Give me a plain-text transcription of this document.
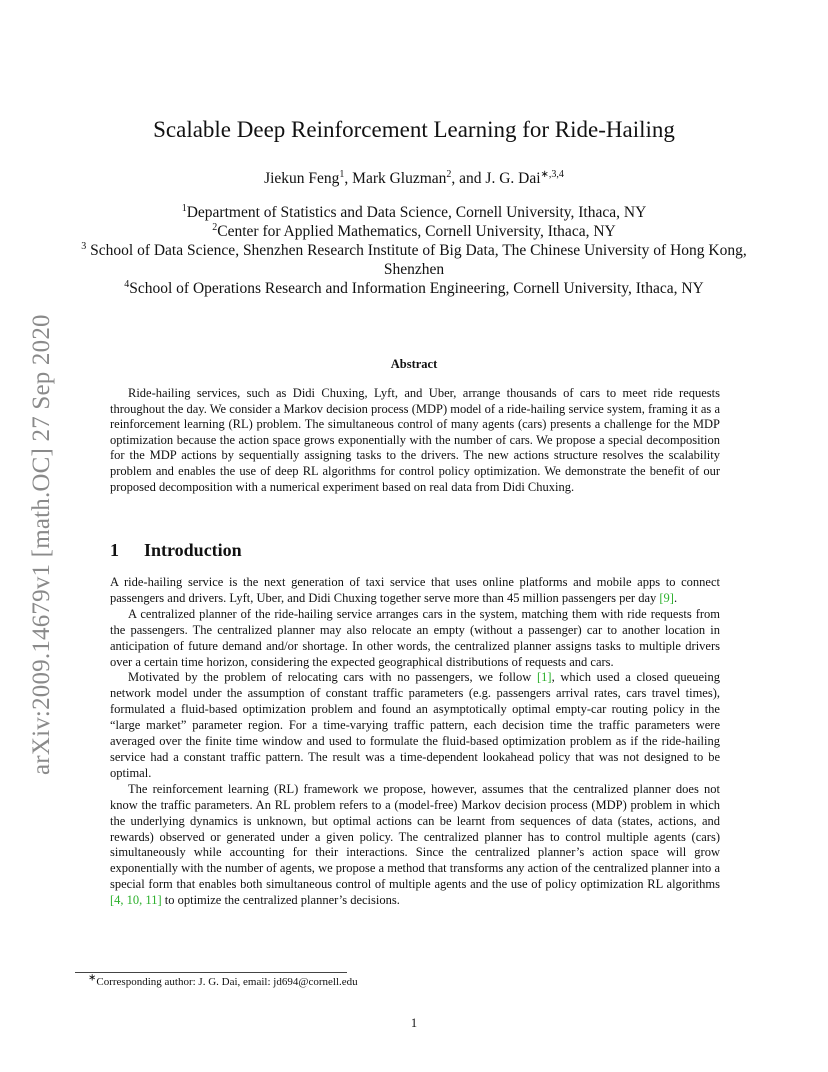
arXiv:2009.14679v1 [math.OC] 27 Sep 2020
Scalable Deep Reinforcement Learning for Ride-Hailing
Jiekun Feng$^1$, Mark Gluzman$^2$, and J. G. Dai$^{∗,3,4}$
$^1$Department of Statistics and Data Science, Cornell University, Ithaca, NY
$^2$Center for Applied Mathematics, Cornell University, Ithaca, NY
$^3$ School of Data Science, Shenzhen Research Institute of Big Data, The Chinese University of Hong Kong, Shenzhen
$^4$School of Operations Research and Information Engineering, Cornell University, Ithaca, NY
Abstract

Ride-hailing services, such as Didi Chuxing, Lyft, and Uber, arrange thousands of cars to meet ride requests throughout the day. We consider a Markov decision process (MDP) model of a ride-hailing service system, framing it as a reinforcement learning (RL) problem. The simultaneous control of many agents (cars) presents a challenge for the MDP optimization because the action space grows exponentially with the number of cars. We propose a special decomposition for the MDP actions by sequentially assigning tasks to the drivers. The new actions structure resolves the scalability problem and enables the use of deep RL algorithms for control policy optimization. We demonstrate the benefit of our proposed decomposition with a numerical experiment based on real data from Didi Chuxing.

1 Introduction

A ride-hailing service is the next generation of taxi service that uses online platforms and mobile apps to connect passengers and drivers. Lyft, Uber, and Didi Chuxing together serve more than 45 million passengers per day [9].

A centralized planner of the ride-hailing service arranges cars in the system, matching them with ride requests from the passengers. The centralized planner may also relocate an empty (without a passenger) car to another location in anticipation of future demand and/or shortage. In other words, the centralized planner assigns tasks to multiple drivers over a certain time horizon, considering the expected geographical distributions of requests and cars.

Motivated by the problem of relocating cars with no passengers, we follow [1], which used a closed queueing network model under the assumption of constant traffic parameters (e.g. passengers arrival rates, cars travel times), formulated a fluid-based optimization problem and found an asymptotically optimal empty-car routing policy in the “large market” parameter region. For a time-varying traffic pattern, each decision time the traffic parameters were averaged over the finite time window and used to formulate the fluid-based optimization problem as if the ride-hailing service had a constant traffic pattern. The result was a time-dependent lookahead policy that was not designed to be optimal.

The reinforcement learning (RL) framework we propose, however, assumes that the centralized planner does not know the traffic parameters. An RL problem refers to a (model-free) Markov decision process (MDP) problem in which the underlying dynamics is unknown, but optimal actions can be learnt from sequences of data (states, actions, and rewards) observed or generated under a given policy. The centralized planner has to control multiple agents (cars) simultaneously while accounting for their interactions. Since the centralized planner’s action space will grow exponentially with the number of agents, we propose a method that transforms any action of the centralized planner into a special form that enables both simultaneous control of multiple agents and the use of policy optimization RL algorithms [4, 10, 11] to optimize the centralized planner’s decisions.

∗Corresponding author: J. G. Dai, email: jd694@cornell.edu
1
